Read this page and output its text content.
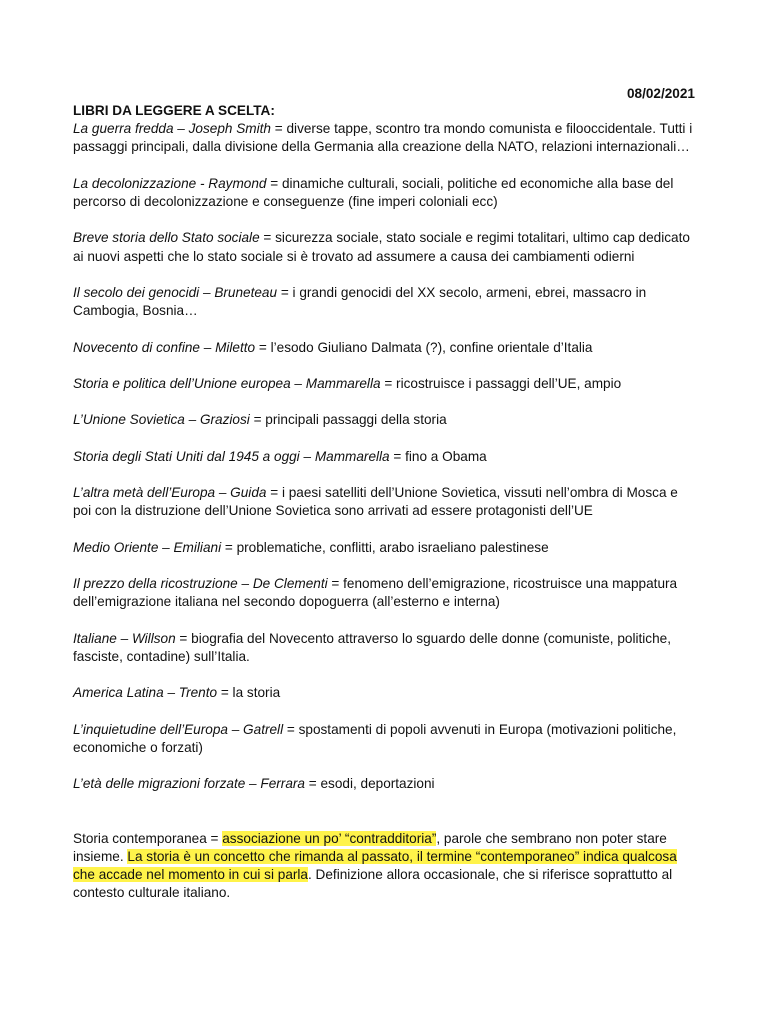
08/02/2021

LIBRI DA LEGGERE A SCELTA:

La guerra fredda – Joseph Smith = diverse tappe, scontro tra mondo comunista e filooccidentale. Tutti i passaggi principali, dalla divisione della Germania alla creazione della NATO, relazioni internazionali…

La decolonizzazione - Raymond = dinamiche culturali, sociali, politiche ed economiche alla base del percorso di decolonizzazione e conseguenze (fine imperi coloniali ecc)

Breve storia dello Stato sociale = sicurezza sociale, stato sociale e regimi totalitari, ultimo cap dedicato ai nuovi aspetti che lo stato sociale si è trovato ad assumere a causa dei cambiamenti odierni

Il secolo dei genocidi – Bruneteau = i grandi genocidi del XX secolo, armeni, ebrei, massacro in Cambogia, Bosnia…

Novecento di confine – Miletto = l’esodo Giuliano Dalmata (?), confine orientale d’Italia

Storia e politica dell’Unione europea – Mammarella = ricostruisce i passaggi dell’UE, ampio

L’Unione Sovietica – Graziosi = principali passaggi della storia

Storia degli Stati Uniti dal 1945 a oggi – Mammarella = fino a Obama

L’altra metà dell’Europa – Guida = i paesi satelliti dell’Unione Sovietica, vissuti nell’ombra di Mosca e poi con la distruzione dell’Unione Sovietica sono arrivati ad essere protagonisti dell’UE

Medio Oriente – Emiliani = problematiche, conflitti, arabo israeliano palestinese

Il prezzo della ricostruzione – De Clementi = fenomeno dell’emigrazione, ricostruisce una mappatura dell’emigrazione italiana nel secondo dopoguerra (all’esterno e interna)

Italiane – Willson = biografia del Novecento attraverso lo sguardo delle donne (comuniste, politiche, fasciste, contadine) sull’Italia.

America Latina – Trento = la storia

L’inquietudine dell’Europa – Gatrell = spostamenti di popoli avvenuti in Europa (motivazioni politiche, economiche o forzati)

L’età delle migrazioni forzate – Ferrara = esodi, deportazioni

Storia contemporanea = associazione un po’ “contradditoria”, parole che sembrano non poter stare insieme. La storia è un concetto che rimanda al passato, il termine “contemporaneo” indica qualcosa che accade nel momento in cui si parla. Definizione allora occasionale, che si riferisce soprattutto al contesto culturale italiano.
